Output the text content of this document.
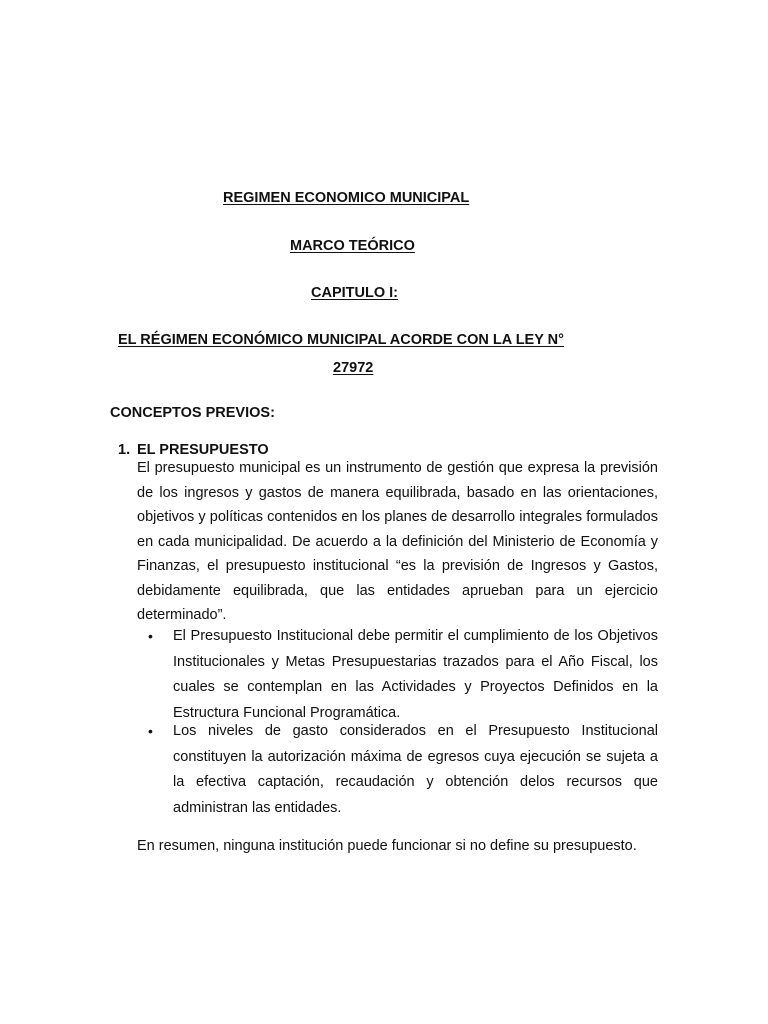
REGIMEN ECONOMICO MUNICIPAL
MARCO TEÓRICO
CAPITULO I:
EL RÉGIMEN ECONÓMICO MUNICIPAL ACORDE CON LA LEY N°
27972
CONCEPTOS PREVIOS:
1. EL PRESUPUESTO

El presupuesto municipal es un instrumento de gestión que expresa la previsión de los ingresos y gastos de manera equilibrada, basado en las orientaciones, objetivos y políticas contenidos en los planes de desarrollo integrales formulados en cada municipalidad. De acuerdo a la definición del Ministerio de Economía y Finanzas, el presupuesto institucional “es la previsión de Ingresos y Gastos, debidamente equilibrada, que las entidades aprueban para un ejercicio determinado”.

•	El Presupuesto Institucional debe permitir el cumplimiento de los Objetivos Institucionales y Metas Presupuestarias trazados para el Año Fiscal, los cuales se contemplan en las Actividades y Proyectos Definidos en la Estructura Funcional Programática.
•	Los niveles de gasto considerados en el Presupuesto Institucional constituyen la autorización máxima de egresos cuya ejecución se sujeta a la efectiva captación, recaudación y obtención delos recursos que administran las entidades.

En resumen, ninguna institución puede funcionar si no define su presupuesto.
